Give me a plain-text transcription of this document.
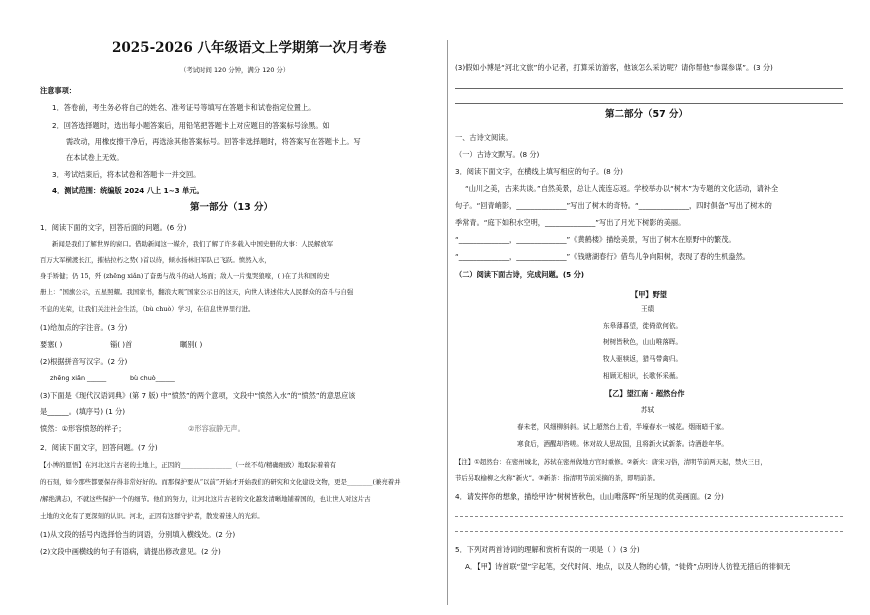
2025-2026 八年级语文上学期第一次月考卷
（考试时间 120 分钟，满分 120 分）
注意事项：
1．答卷前，考生务必将自己的姓名、准考证号等填写在答题卡和试卷指定位置上。
2．回答选择题时，选出每小题答案后，用铅笔把答题卡上对应题目的答案标号涂黑。如
需改动，用橡皮擦干净后，再选涂其他答案标号。回答非选择题时，将答案写在答题卡上。写
在本试卷上无效。
3．考试结束后，将本试卷和答题卡一并交回。
4．测试范围：统编版 2024 八上 1~3 单元。
第一部分（13 分）
1．阅读下面的文字，回答后面的问题。(6 分)
新闻是我们了解世界的窗口。借助新闻这一媒介，我们了解了许多载入中国史册的大事：人民解放军
百万大军横渡长江，摧枯拉朽之势( )首以待，倾水扬林旧军队已飞跃。愤然入水，
身手矫健；仍 15，歼 (zhēng xiǎn)了奋勇与战斗的动人场面；敌人一片鬼哭狼嚎，( )在了共和国的史
册上：“国旗公示，五星照耀。我国家书，翻浪大观”国家公示日的这天，向世人讲述伟大人民群众的奋斗与自强
不息的光荣，让我们关注社会生活，（bù chuò）学习，在信息世界里行进。
(1)给加点的字注音。(3 分)
要塞( )	锱( )首	瞩别( )
(2)根据拼音写汉字。(2 分)
zhēng xiǎn ______	bù chuò______
(3)下面是《现代汉语词典》(第 7 版) 中“愤然”的两个意项，文段中“愤然入水”的“愤然”的意思应该
是______。(填序号) (1 分)
愤然：①形容愤怒的样子；	②形容寂静无声。
2．阅读下面文字，回答问题。(7 分)
【小博的愿悟】在河北这片古老的土地上，正因的________________（一丝不苟/精确细致）地取际着着有
的石刻，如今那些都要保存得非常好好的。而那保护要从“以前”开始才开始我们的研究和文化建设文物，更是________(兼亮着并
/解绝满志)，不就这些保护一个的细节。他们的努力，让河北这片古老的文化越发清晰地铺着国的，也让世人对这片古
土地的文化有了更深刻的认识。河北，正因有这群守护者，散发着迷人的光彩。
(1)从文段的括号内选择恰当的词语，分别填入横线处。(2 分)
(2)文段中画横线的句子有语病，请提出修改意见。(2 分)
(3)假如小博是“河北文旅”的小记者，打算采访游客，他该怎么采访呢？请你帮他“参谋参谋”。(3 分)
第二部分（57 分）
一、古诗文阅读。
（一）古诗文默写。(8 分)
3．阅读下面文字，在横线上填写相应的句子。(8 分)
“山川之美，古来共谈。”自然美景，总让人流连忘返。学校举办以“树木”为专题的文化活动，请补全
句子。“回青峭影，______________”写出了树木的奇特。“______________，四时俱备”写出了树木的
季常青。“庭下如积水空明，______________”写出了月光下树影的美丽。
“______________，______________”《黄鹤楼》描绘美景，写出了树木在原野中的繁茂。
“______________，______________”《钱塘湖春行》借鸟儿争向阳树，表现了春的生机盎然。
（二）阅读下面古诗，完成问题。(5 分)
【甲】野望
王绩
东皋薄暮望，徙倚欲何依。
树树皆秋色，山山唯落晖。
牧人驱犊返，猎马带禽归。
相顾无相识，长歌怀采薇。
【乙】望江南 · 超然台作
苏轼
春未老，风细柳斜斜。试上超然台上看，半壕春水一城花。烟雨暗千家。
寒食后，酒醒却咨嗟。休对故人思故国，且将新火试新茶。诗酒趁年华。
【注】①超然台：在密州城北，苏轼在密州做地方官时重修。②新火：唐宋习俗，清明节前两天起，禁火三日，
节后另取榆柳之火称“新火”。③新茶：指清明节前采摘的茶，即明前茶。
4．请发挥你的想象，描绘甲诗“树树皆秋色，山山唯落晖”所呈现的优美画面。(2 分)
5．下列对两首诗词的理解和赏析有误的一项是（ ）(3 分)
A．【甲】诗首联“望”字起笔，交代时间、地点，以及人物的心情，“徙倚”点明诗人彷徨无措后的徘徊无
